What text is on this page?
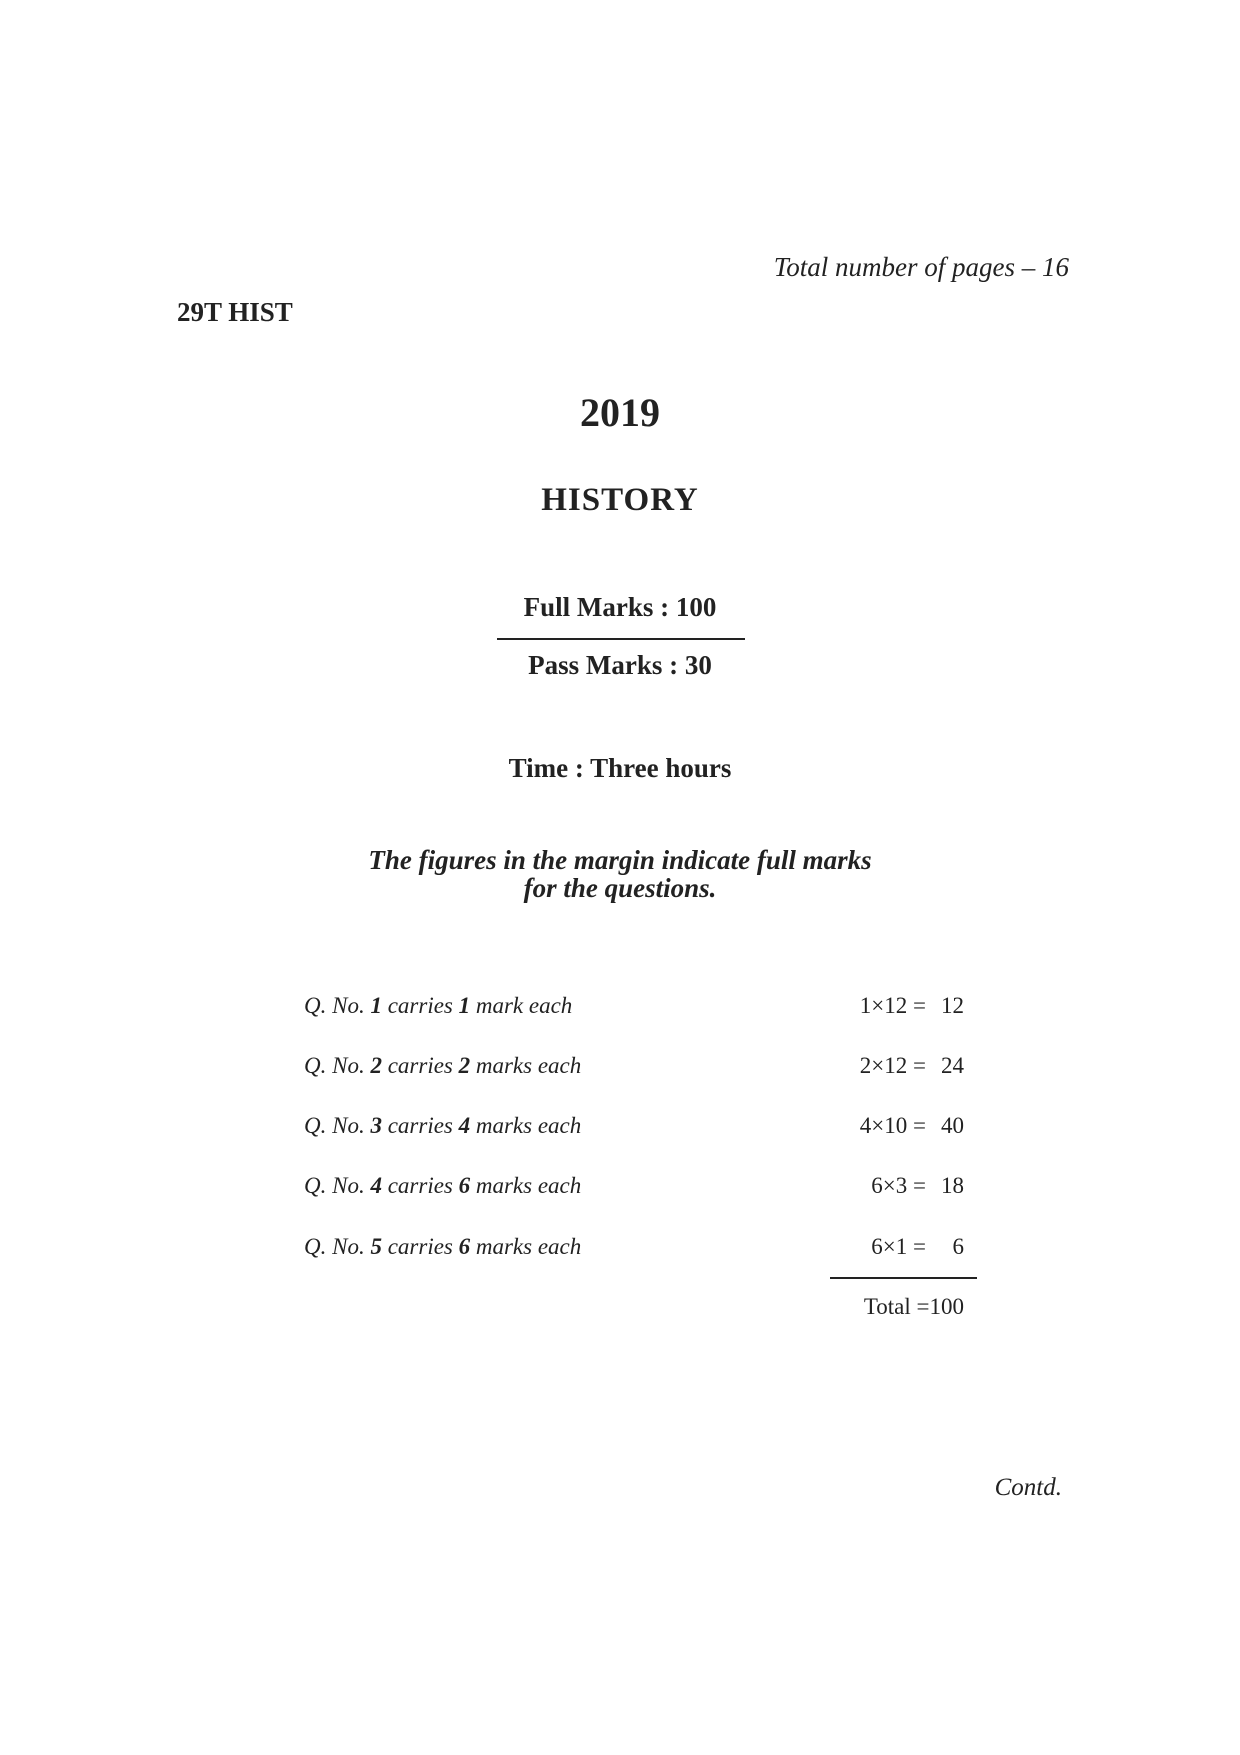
Total number of pages – 16
29T HIST
2019
HISTORY
Full Marks : 100
Pass Marks : 30
Time : Three hours
The figures in the margin indicate full marks
for the questions.
Q. No. 1 carries 1 mark each	1×12 = 12
Q. No. 2 carries 2 marks each	2×12 = 24
Q. No. 3 carries 4 marks each	4×10 = 40
Q. No. 4 carries 6 marks each	6×3 = 18
Q. No. 5 carries 6 marks each	6×1 = 6
Total =100
Contd.
